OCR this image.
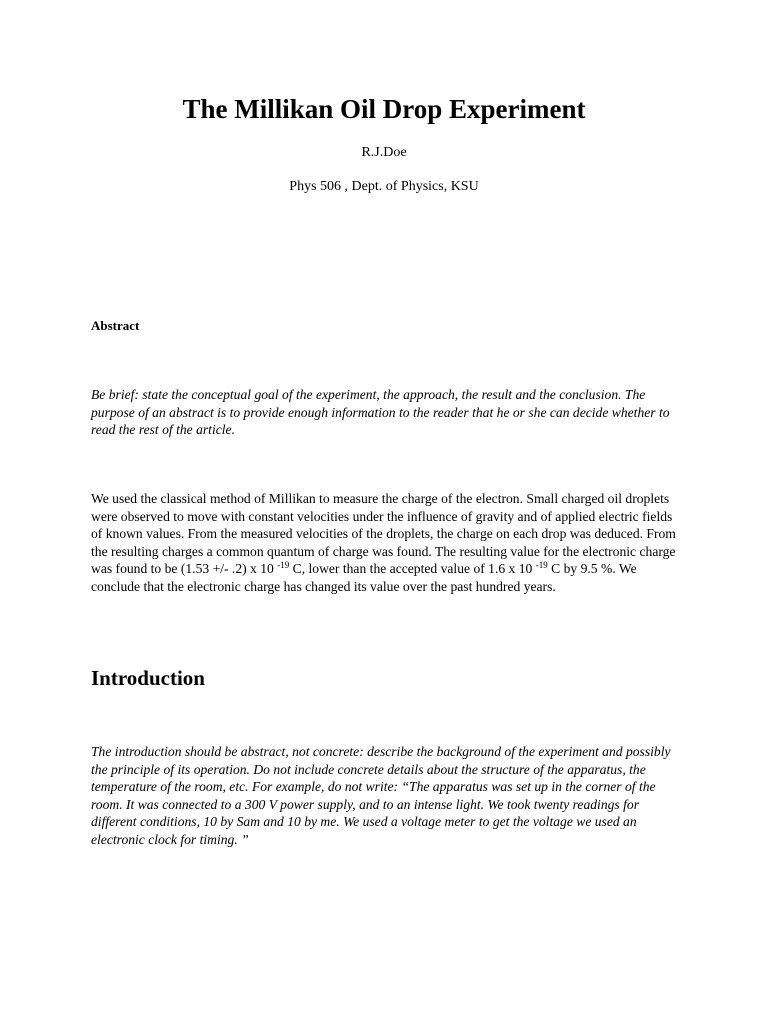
The Millikan Oil Drop Experiment
R.J.Doe
Phys 506 , Dept. of Physics, KSU
Abstract

Be brief: state the conceptual goal of the experiment, the approach, the result and the conclusion. The purpose of an abstract is to provide enough information to the reader that he or she can decide whether to read the rest of the article.

We used the classical method of Millikan to measure the charge of the electron. Small charged oil droplets were observed to move with constant velocities under the influence of gravity and of applied electric fields of known values. From the measured velocities of the droplets, the charge on each drop was deduced. From the resulting charges a common quantum of charge was found. The resulting value for the electronic charge was found to be (1.53 +/- .2) x 10 $^{-19}$ C, lower than the accepted value of 1.6 x 10 $^{-19}$ C by 9.5 %. We conclude that the electronic charge has changed its value over the past hundred years.

Introduction

The introduction should be abstract, not concrete: describe the background of the experiment and possibly the principle of its operation. Do not include concrete details about the structure of the apparatus, the temperature of the room, etc. For example, do not write: “The apparatus was set up in the corner of the room. It was connected to a 300 V power supply, and to an intense light. We took twenty readings for different conditions, 10 by Sam and 10 by me. We used a voltage meter to get the voltage we used an electronic clock for timing. ”
